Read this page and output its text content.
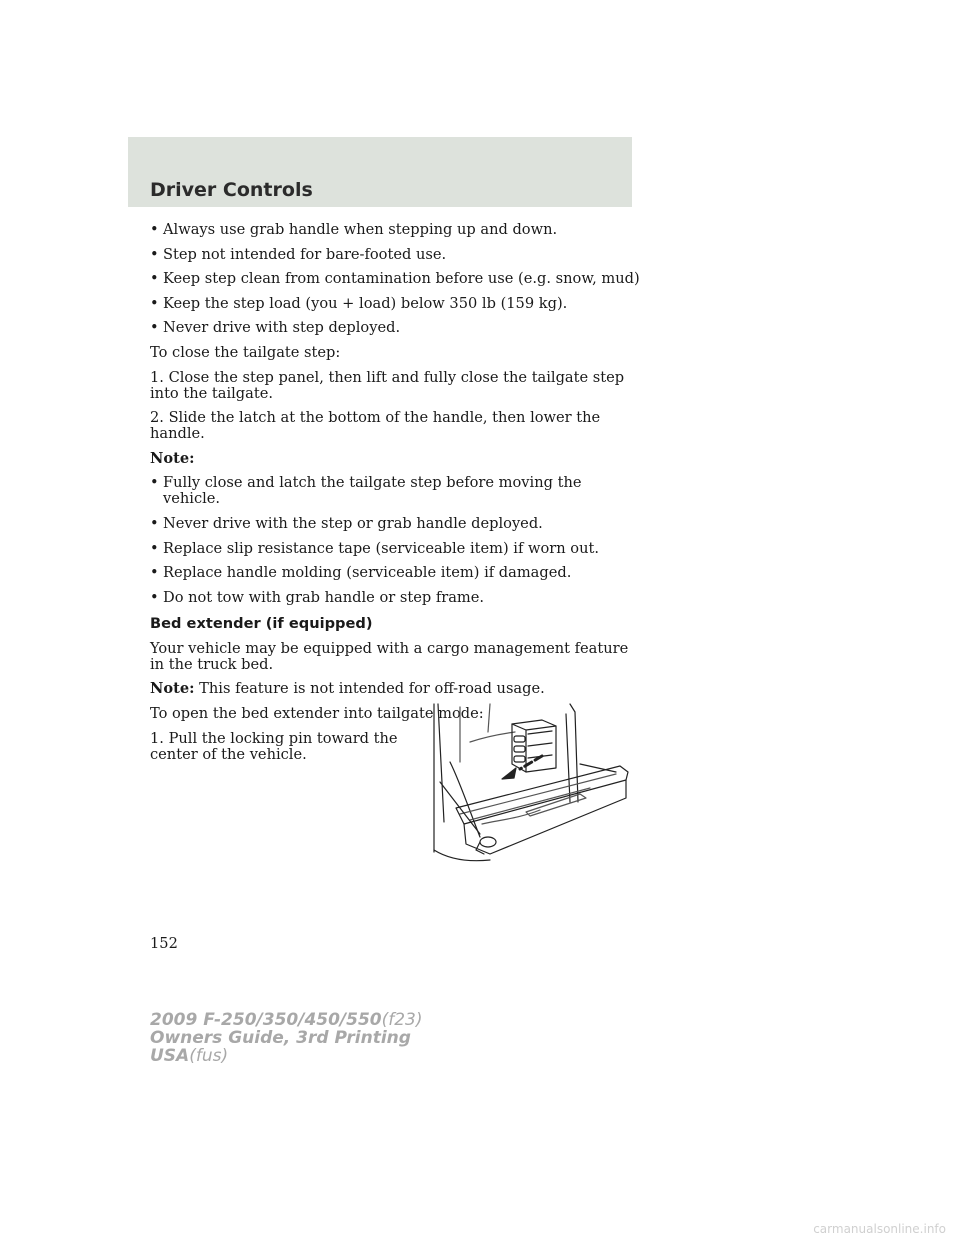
Driver Controls
• Always use grab handle when stepping up and down.
• Step not intended for bare-footed use.
• Keep step clean from contamination before use (e.g. snow, mud)
• Keep the step load (you + load) below 350 lb (159 kg).
• Never drive with step deployed.

To close the tailgate step:

1. Close the step panel, then lift and fully close the tailgate step into the tailgate.

2. Slide the latch at the bottom of the handle, then lower the handle.

Note:

• Fully close and latch the tailgate step before moving the vehicle.
• Never drive with the step or grab handle deployed.
• Replace slip resistance tape (serviceable item) if worn out.
• Replace handle molding (serviceable item) if damaged.
• Do not tow with grab handle or step frame.
Bed extender (if equipped)

Your vehicle may be equipped with a cargo management feature in the truck bed.

Note: This feature is not intended for off-road usage.

To open the bed extender into tailgate mode:

1. Pull the locking pin toward the center of the vehicle.

152
2009 F-250/350/450/550(f23)
Owners Guide, 3rd Printing
USA(fus)
carmanualsonline.info
